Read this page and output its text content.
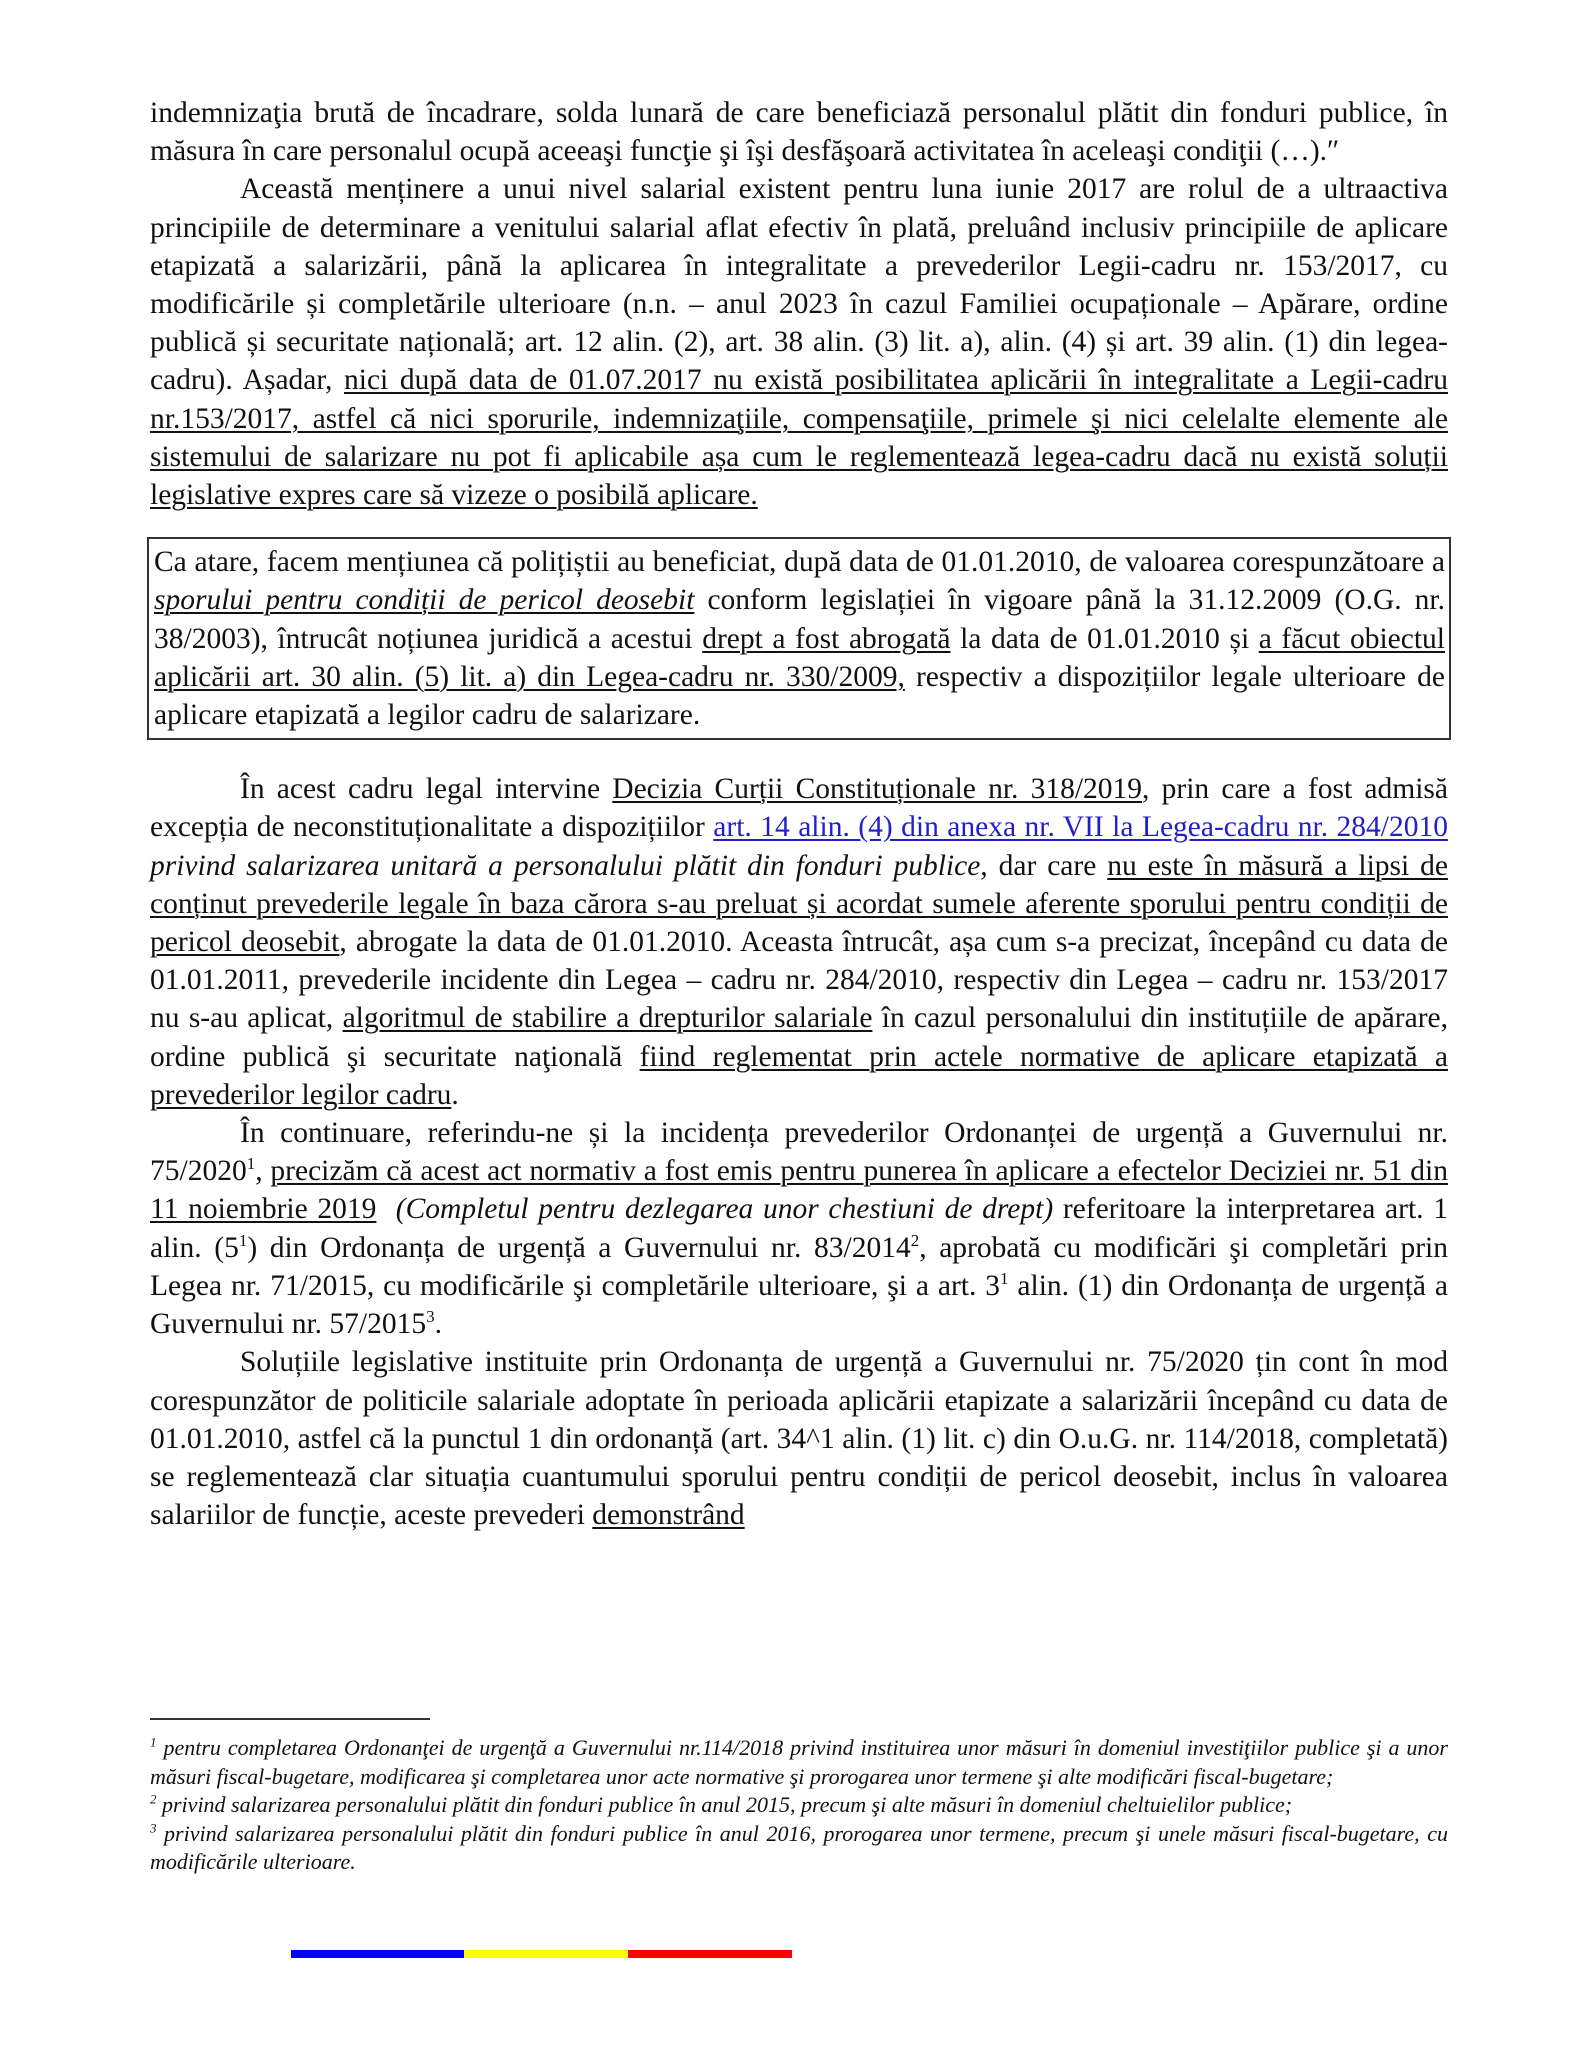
indemnizaţia brută de încadrare, solda lunară de care beneficiază personalul plătit din fonduri publice, în măsura în care personalul ocupă aceeaşi funcţie şi îşi desfăşoară activitatea în aceleaşi condiţii (…).″

Această menținere a unui nivel salarial existent pentru luna iunie 2017 are rolul de a ultraactiva principiile de determinare a venitului salarial aflat efectiv în plată, preluând inclusiv principiile de aplicare etapizată a salarizării, până la aplicarea în integralitate a prevederilor Legii-cadru nr. 153/2017, cu modificările și completările ulterioare (n.n. – anul 2023 în cazul Familiei ocupaționale – Apărare, ordine publică și securitate națională; art. 12 alin. (2), art. 38 alin. (3) lit. a), alin. (4) și art. 39 alin. (1) din legea-cadru). Așadar, nici după data de 01.07.2017 nu există posibilitatea aplicării în integralitate a Legii-cadru nr.153/2017, astfel că nici sporurile, indemnizaţiile, compensaţiile, primele şi nici celelalte elemente ale sistemului de salarizare nu pot fi aplicabile așa cum le reglementează legea-cadru dacă nu există soluții legislative expres care să vizeze o posibilă aplicare.

Ca atare, facem mențiunea că polițiștii au beneficiat, după data de 01.01.2010, de valoarea corespunzătoare a sporului pentru condiții de pericol deosebit conform legislației în vigoare până la 31.12.2009 (O.G. nr. 38/2003), întrucât noțiunea juridică a acestui drept a fost abrogată la data de 01.01.2010 și a făcut obiectul aplicării art. 30 alin. (5) lit. a) din Legea-cadru nr. 330/2009, respectiv a dispozițiilor legale ulterioare de aplicare etapizată a legilor cadru de salarizare.

În acest cadru legal intervine Decizia Curții Constituționale nr. 318/2019, prin care a fost admisă excepția de neconstituționalitate a dispozițiilor art. 14 alin. (4) din anexa nr. VII la Legea-cadru nr. 284/2010 privind salarizarea unitară a personalului plătit din fonduri publice, dar care nu este în măsură a lipsi de conținut prevederile legale în baza cărora s-au preluat și acordat sumele aferente sporului pentru condiții de pericol deosebit, abrogate la data de 01.01.2010. Aceasta întrucât, așa cum s-a precizat, începând cu data de 01.01.2011, prevederile incidente din Legea – cadru nr. 284/2010, respectiv din Legea – cadru nr. 153/2017 nu s-au aplicat, algoritmul de stabilire a drepturilor salariale în cazul personalului din instituțiile de apărare, ordine publică şi securitate naţională fiind reglementat prin actele normative de aplicare etapizată a prevederilor legilor cadru.

În continuare, referindu-ne și la incidența prevederilor Ordonanței de urgență a Guvernului nr. 75/2020$^1$, precizăm că acest act normativ a fost emis pentru punerea în aplicare a efectelor Deciziei nr. 51 din 11 noiembrie 2019  (Completul pentru dezlegarea unor chestiuni de drept) referitoare la interpretarea art. 1 alin. $(5^1)$ din Ordonanța de urgență a Guvernului nr. 83/2014$^2$, aprobată cu modificări şi completări prin Legea nr. 71/2015, cu modificările şi completările ulterioare, şi a art. $3^1$ alin. (1) din Ordonanța de urgență a Guvernului nr. 57/2015$^3$.

Soluțiile legislative instituite prin Ordonanța de urgență a Guvernului nr. 75/2020 țin cont în mod corespunzător de politicile salariale adoptate în perioada aplicării etapizate a salarizării începând cu data de 01.01.2010, astfel că la punctul 1 din ordonanță (art. 34^1 alin. (1) lit. c) din O.u.G. nr. 114/2018, completată) se reglementează clar situația cuantumului sporului pentru condiții de pericol deosebit, inclus în valoarea salariilor de funcție, aceste prevederi demonstrând

$^1$ pentru completarea Ordonanţei de urgenţă a Guvernului nr.114/2018 privind instituirea unor măsuri în domeniul investiţiilor publice şi a unor măsuri fiscal-bugetare, modificarea şi completarea unor acte normative şi prorogarea unor termene şi alte modificări fiscal-bugetare;

$^2$ privind salarizarea personalului plătit din fonduri publice în anul 2015, precum şi alte măsuri în domeniul cheltuielilor publice;

$^3$ privind salarizarea personalului plătit din fonduri publice în anul 2016, prorogarea unor termene, precum şi unele măsuri fiscal-bugetare, cu modificările ulterioare.
